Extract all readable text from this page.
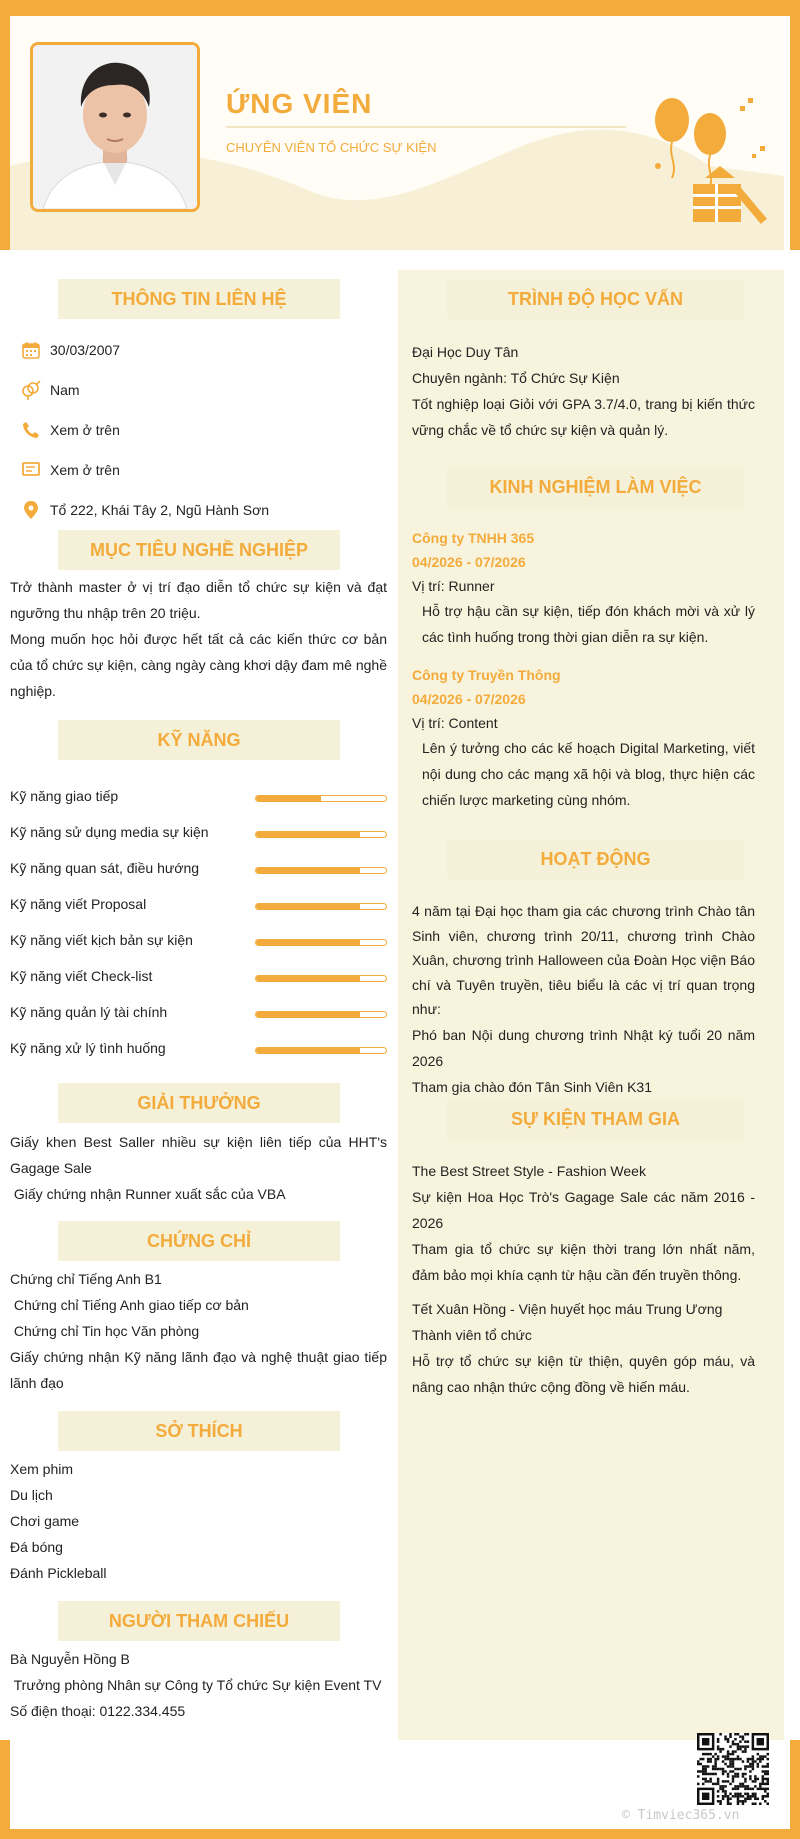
ỨNG VIÊN
CHUYÊN VIÊN TỔ CHỨC SỰ KIỆN
THÔNG TIN LIÊN HỆ
30/03/2007
Nam
Xem ở trên
Xem ở trên
Tổ 222, Khái Tây 2, Ngũ Hành Sơn
MỤC TIÊU NGHỀ NGHIỆP

Trở thành master ở vị trí đạo diễn tổ chức sự kiện và đạt ngưỡng thu nhập trên 20 triệu.

Mong muốn học hỏi được hết tất cả các kiến thức cơ bản của tổ chức sự kiện, càng ngày càng khơi dậy đam mê nghề nghiệp.

KỸ NĂNG
Kỹ năng giao tiếp
Kỹ năng sử dụng media sự kiện
Kỹ năng quan sát, điều hướng
Kỹ năng viết Proposal
Kỹ năng viết kịch bản sự kiện
Kỹ năng viết Check-list
Kỹ năng quản lý tài chính
Kỹ năng xử lý tình huống
GIẢI THƯỞNG

Giấy khen Best Saller nhiều sự kiện liên tiếp của HHT's Gagage Sale

Giấy chứng nhận Runner xuất sắc của VBA

CHỨNG CHỈ

Chứng chỉ Tiếng Anh B1

Chứng chỉ Tiếng Anh giao tiếp cơ bản

Chứng chỉ Tin học Văn phòng

Giấy chứng nhận Kỹ năng lãnh đạo và nghệ thuật giao tiếp lãnh đạo

SỞ THÍCH

Xem phim

Du lịch

Chơi game

Đá bóng

Đánh Pickleball

NGƯỜI THAM CHIẾU

Bà Nguyễn Hồng B

Trưởng phòng Nhân sự Công ty Tổ chức Sự kiện Event TV

Số điện thoại: 0122.334.455

TRÌNH ĐỘ HỌC VẤN

Đại Học Duy Tân

Chuyên ngành: Tổ Chức Sự Kiện

Tốt nghiệp loại Giỏi với GPA 3.7/4.0, trang bị kiến thức vững chắc về tổ chức sự kiện và quản lý.

KINH NGHIỆM LÀM VIỆC

Công ty TNHH 365

04/2026 - 07/2026

Vị trí: Runner

Hỗ trợ hậu cần sự kiện, tiếp đón khách mời và xử lý các tình huống trong thời gian diễn ra sự kiện.

Công ty Truyền Thông

04/2026 - 07/2026

Vị trí: Content

Lên ý tưởng cho các kế hoạch Digital Marketing, viết nội dung cho các mạng xã hội và blog, thực hiện các chiến lược marketing cùng nhóm.

HOẠT ĐỘNG

4 năm tại Đại học tham gia các chương trình Chào tân Sinh viên, chương trình 20/11, chương trình Chào Xuân, chương trình Halloween của Đoàn Học viện Báo chí và Tuyên truyền, tiêu biểu là các vị trí quan trọng như:

Phó ban Nội dung chương trình Nhật ký tuổi 20 năm 2026

Tham gia chào đón Tân Sinh Viên K31

SỰ KIỆN THAM GIA

The Best Street Style - Fashion Week

Sự kiện Hoa Học Trò's Gagage Sale các năm 2016 - 2026

Tham gia tổ chức sự kiện thời trang lớn nhất năm, đảm bảo mọi khía cạnh từ hậu cần đến truyền thông.

Tết Xuân Hồng - Viện huyết học máu Trung Ương

Thành viên tổ chức

Hỗ trợ tổ chức sự kiện từ thiện, quyên góp máu, và nâng cao nhận thức cộng đồng về hiến máu.

© Timviec365.vn
